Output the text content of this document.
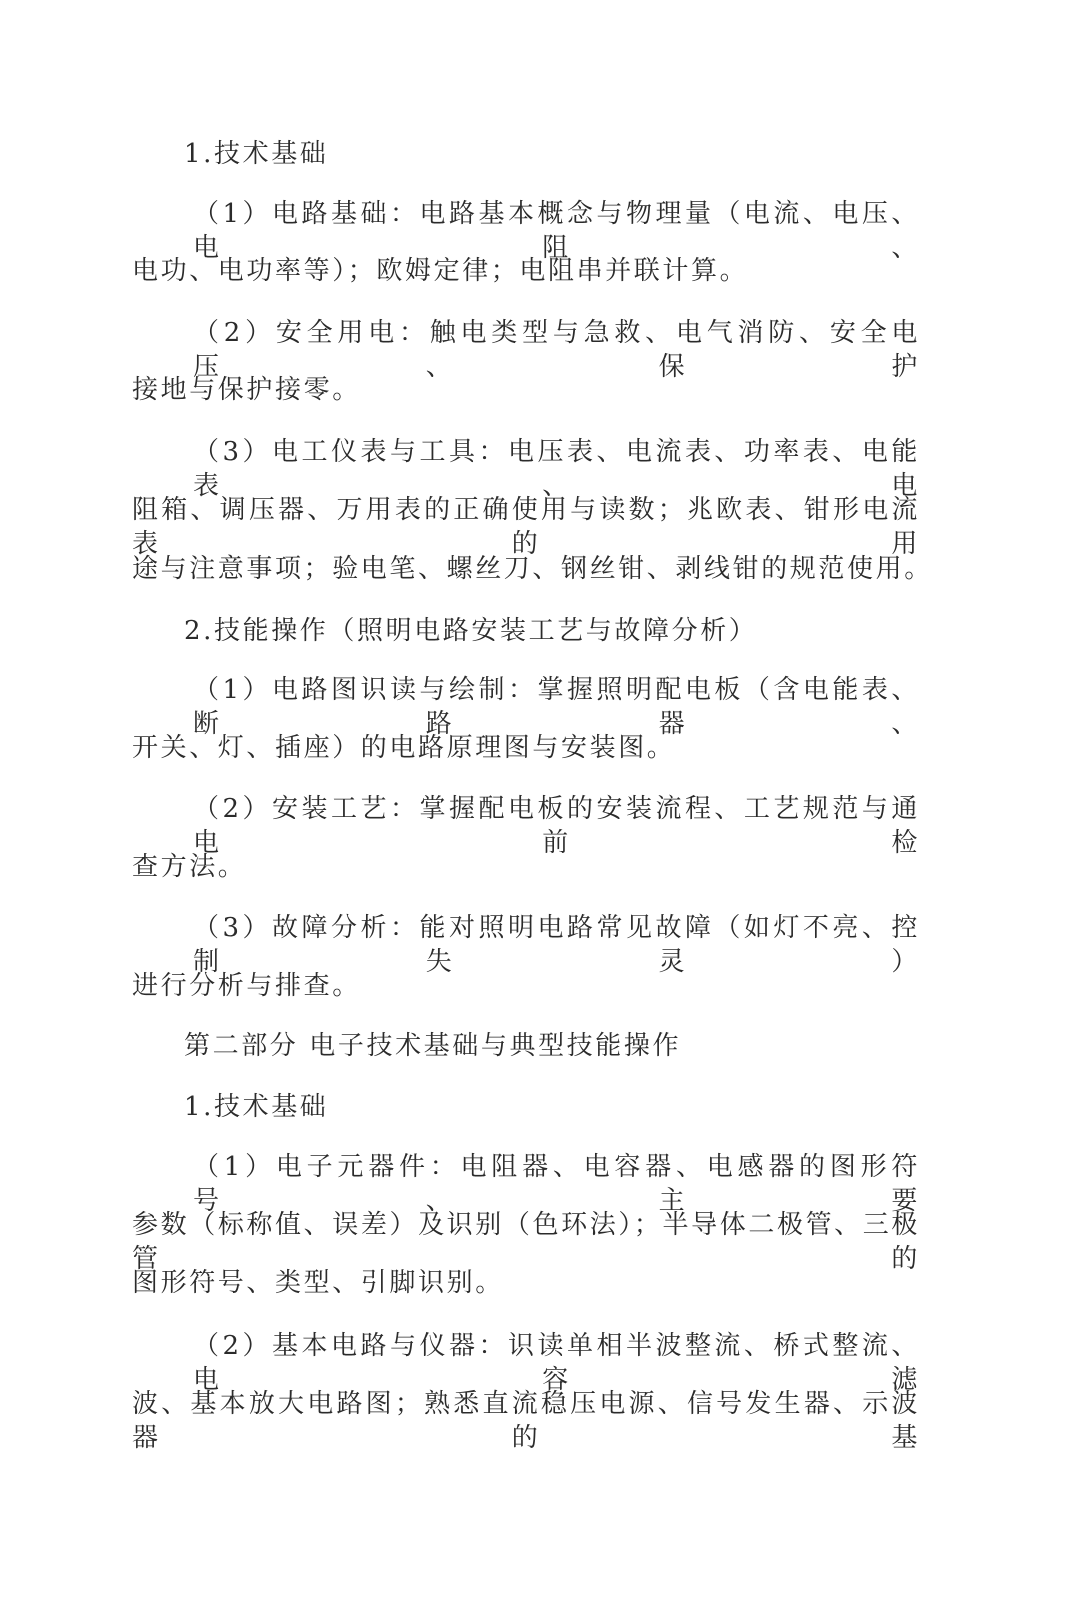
1.技术基础
（1）电路基础：电路基本概念与物理量（电流、电压、电阻、
电功、电功率等）；欧姆定律；电阻串并联计算。
（2）安全用电：触电类型与急救、电气消防、安全电压、保护
接地与保护接零。
（3）电工仪表与工具：电压表、电流表、功率表、电能表、电
阻箱、调压器、万用表的正确使用与读数；兆欧表、钳形电流表的用
途与注意事项；验电笔、螺丝刀、钢丝钳、剥线钳的规范使用。
2.技能操作（照明电路安装工艺与故障分析）
（1）电路图识读与绘制：掌握照明配电板（含电能表、断路器、
开关、灯、插座）的电路原理图与安装图。
（2）安装工艺：掌握配电板的安装流程、工艺规范与通电前检
查方法。
（3）故障分析：能对照明电路常见故障（如灯不亮、控制失灵）
进行分析与排查。
第二部分 电子技术基础与典型技能操作
1.技术基础
（1）电子元器件：电阻器、电容器、电感器的图形符号、主要
参数（标称值、误差）及识别（色环法）；半导体二极管、三极管的
图形符号、类型、引脚识别。
（2）基本电路与仪器：识读单相半波整流、桥式整流、电容滤
波、基本放大电路图；熟悉直流稳压电源、信号发生器、示波器的基
